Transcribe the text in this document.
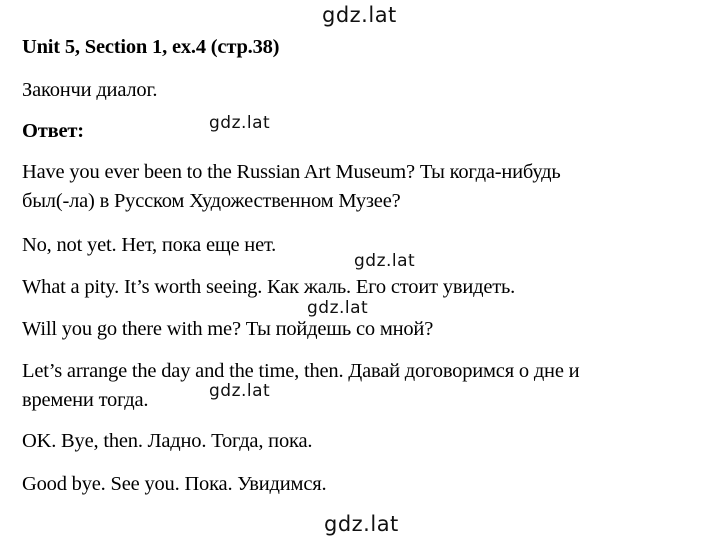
gdz.lat
gdz.lat
gdz.lat
gdz.lat
gdz.lat
gdz.lat

Unit 5, Section 1, ex.4 (стр.38)

Закончи диалог.

Ответ:

Have you ever been to the Russian Art Museum? Ты когда-нибудь

был(-ла) в Русском Художественном Музее?

No, not yet. Нет, пока еще нет.

What a pity. It’s worth seeing. Как жаль. Его стоит увидеть.

Will you go there with me? Ты пойдешь со мной?

Let’s arrange the day and the time, then. Давай договоримся о дне и

времени тогда.

OK. Bye, then. Ладно. Тогда, пока.

Good bye. See you. Пока. Увидимся.
